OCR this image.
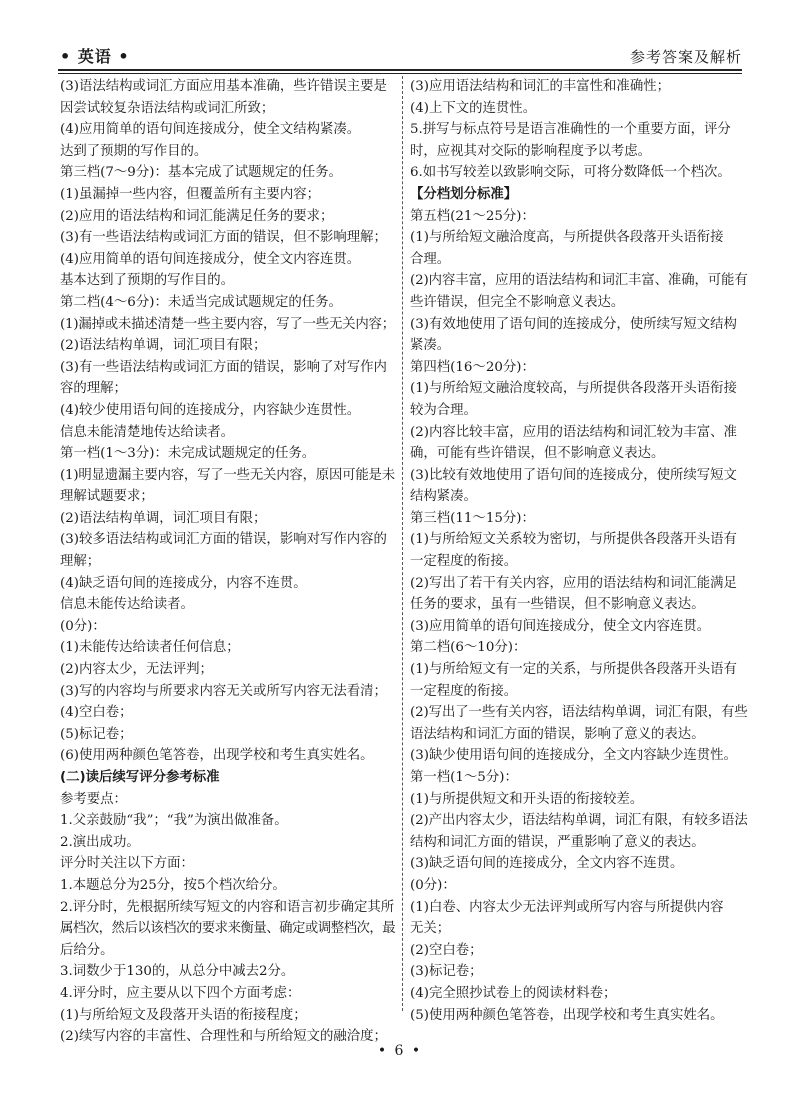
• 英语 •	参考答案及解析
(3)语法结构或词汇方面应用基本准确，些许错误主要是
因尝试较复杂语法结构或词汇所致；
(4)应用简单的语句间连接成分，使全文结构紧凑。
达到了预期的写作目的。
第三档(7～9分)：基本完成了试题规定的任务。
(1)虽漏掉一些内容，但覆盖所有主要内容；
(2)应用的语法结构和词汇能满足任务的要求；
(3)有一些语法结构或词汇方面的错误，但不影响理解；
(4)应用简单的语句间连接成分，使全文内容连贯。
基本达到了预期的写作目的。
第二档(4～6分)：未适当完成试题规定的任务。
(1)漏掉或未描述清楚一些主要内容，写了一些无关内容；
(2)语法结构单调，词汇项目有限；
(3)有一些语法结构或词汇方面的错误，影响了对写作内
容的理解；
(4)较少使用语句间的连接成分，内容缺少连贯性。
信息未能清楚地传达给读者。
第一档(1～3分)：未完成试题规定的任务。
(1)明显遗漏主要内容，写了一些无关内容，原因可能是未
理解试题要求；
(2)语法结构单调，词汇项目有限；
(3)较多语法结构或词汇方面的错误，影响对写作内容的
理解；
(4)缺乏语句间的连接成分，内容不连贯。
信息未能传达给读者。
(0分)：
(1)未能传达给读者任何信息；
(2)内容太少，无法评判；
(3)写的内容均与所要求内容无关或所写内容无法看清；
(4)空白卷；
(5)标记卷；
(6)使用两种颜色笔答卷，出现学校和考生真实姓名。
(二)读后续写评分参考标准
参考要点：
1.父亲鼓励“我”；“我”为演出做准备。
2.演出成功。
评分时关注以下方面：
1.本题总分为25分，按5个档次给分。
2.评分时，先根据所续写短文的内容和语言初步确定其所
属档次，然后以该档次的要求来衡量、确定或调整档次，最
后给分。
3.词数少于130的，从总分中减去2分。
4.评分时，应主要从以下四个方面考虑：
(1)与所给短文及段落开头语的衔接程度；
(2)续写内容的丰富性、合理性和与所给短文的融洽度；
(3)应用语法结构和词汇的丰富性和准确性；
(4)上下文的连贯性。
5.拼写与标点符号是语言准确性的一个重要方面，评分
时，应视其对交际的影响程度予以考虑。
6.如书写较差以致影响交际，可将分数降低一个档次。
【分档划分标准】
第五档(21～25分)：
(1)与所给短文融洽度高，与所提供各段落开头语衔接
合理。
(2)内容丰富，应用的语法结构和词汇丰富、准确，可能有
些许错误，但完全不影响意义表达。
(3)有效地使用了语句间的连接成分，使所续写短文结构
紧凑。
第四档(16～20分)：
(1)与所给短文融洽度较高，与所提供各段落开头语衔接
较为合理。
(2)内容比较丰富，应用的语法结构和词汇较为丰富、准
确，可能有些许错误，但不影响意义表达。
(3)比较有效地使用了语句间的连接成分，使所续写短文
结构紧凑。
第三档(11～15分)：
(1)与所给短文关系较为密切，与所提供各段落开头语有
一定程度的衔接。
(2)写出了若干有关内容，应用的语法结构和词汇能满足
任务的要求，虽有一些错误，但不影响意义表达。
(3)应用简单的语句间连接成分，使全文内容连贯。
第二档(6～10分)：
(1)与所给短文有一定的关系，与所提供各段落开头语有
一定程度的衔接。
(2)写出了一些有关内容，语法结构单调，词汇有限，有些
语法结构和词汇方面的错误，影响了意义的表达。
(3)缺少使用语句间的连接成分，全文内容缺少连贯性。
第一档(1～5分)：
(1)与所提供短文和开头语的衔接较差。
(2)产出内容太少，语法结构单调，词汇有限，有较多语法
结构和词汇方面的错误，严重影响了意义的表达。
(3)缺乏语句间的连接成分，全文内容不连贯。
(0分)：
(1)白卷、内容太少无法评判或所写内容与所提供内容
无关；
(2)空白卷；
(3)标记卷；
(4)完全照抄试卷上的阅读材料卷；
(5)使用两种颜色笔答卷，出现学校和考生真实姓名。
• 6 •
